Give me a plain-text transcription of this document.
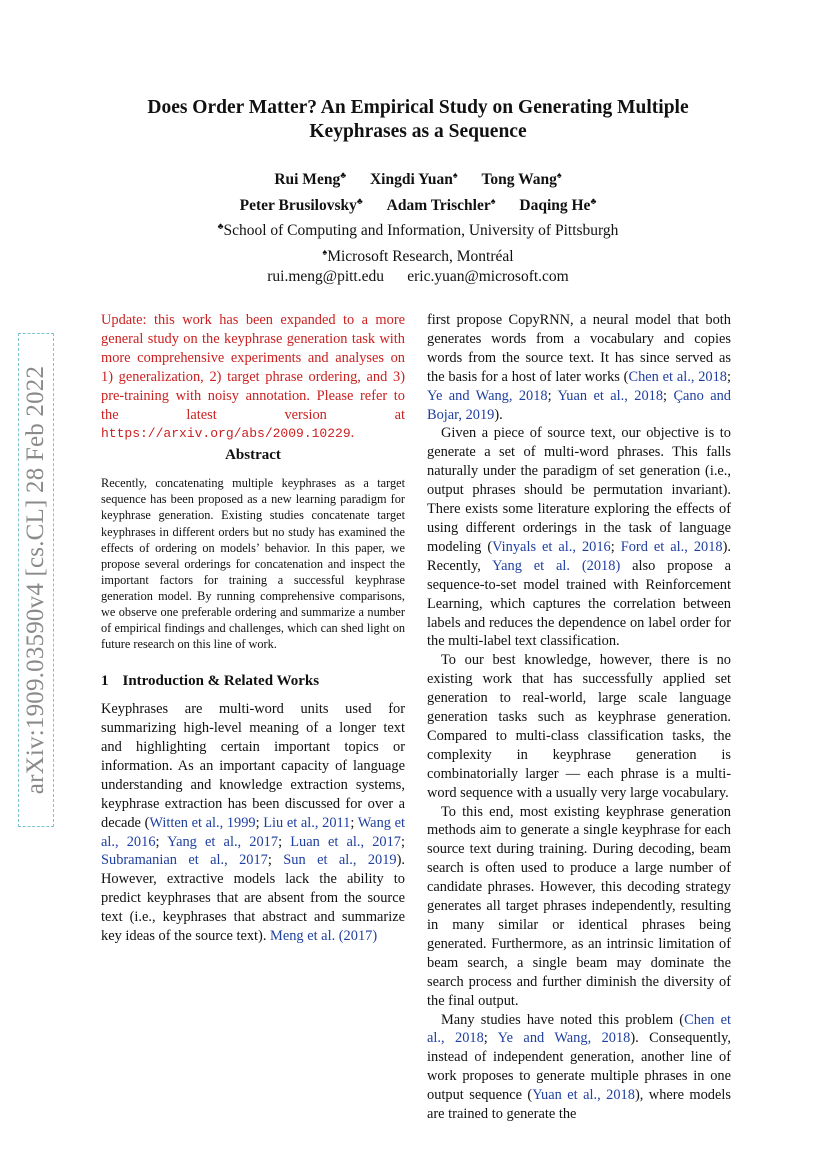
arXiv:1909.03590v4 [cs.CL] 28 Feb 2022
Does Order Matter? An Empirical Study on Generating Multiple
Keyphrases as a Sequence
Rui Meng♣ Xingdi Yuan♠ Tong Wang♠
Peter Brusilovsky♣ Adam Trischler♠ Daqing He♣
♣School of Computing and Information, University of Pittsburgh
♠Microsoft Research, Montréal
rui.meng@pitt.edu eric.yuan@microsoft.com

Update: this work has been expanded to a more general study on the keyphrase generation task with more comprehensive experiments and analyses on 1) generalization, 2) target phrase ordering, and 3) pre-training with noisy annotation. Please refer to the latest version at https://arxiv.org/abs/2009.10229.

Abstract

Recently, concatenating multiple keyphrases as a target sequence has been proposed as a new learning paradigm for keyphrase generation. Existing studies concatenate target keyphrases in different orders but no study has examined the effects of ordering on models’ behavior. In this paper, we propose several orderings for concatenation and inspect the important factors for training a successful keyphrase generation model. By running comprehensive comparisons, we observe one preferable ordering and summarize a number of empirical findings and challenges, which can shed light on future research on this line of work.

1 Introduction & Related Works

Keyphrases are multi-word units used for summarizing high-level meaning of a longer text and highlighting certain important topics or information. As an important capacity of language understanding and knowledge extraction systems, keyphrase extraction has been discussed for over a decade (Witten et al., 1999; Liu et al., 2011; Wang et al., 2016; Yang et al., 2017; Luan et al., 2017; Subramanian et al., 2017; Sun et al., 2019). However, extractive models lack the ability to predict keyphrases that are absent from the source text (i.e., keyphrases that abstract and summarize key ideas of the source text). Meng et al. (2017)

first propose CopyRNN, a neural model that both generates words from a vocabulary and copies words from the source text. It has since served as the basis for a host of later works (Chen et al., 2018; Ye and Wang, 2018; Yuan et al., 2018; Çano and Bojar, 2019).

Given a piece of source text, our objective is to generate a set of multi-word phrases. This falls naturally under the paradigm of set generation (i.e., output phrases should be permutation invariant). There exists some literature exploring the effects of using different orderings in the task of language modeling (Vinyals et al., 2016; Ford et al., 2018). Recently, Yang et al. (2018) also propose a sequence-to-set model trained with Reinforcement Learning, which captures the correlation between labels and reduces the dependence on label order for the multi-label text classification.

To our best knowledge, however, there is no existing work that has successfully applied set generation to real-world, large scale language generation tasks such as keyphrase generation. Compared to multi-class classification tasks, the complexity in keyphrase generation is combinatorially larger — each phrase is a multi-word sequence with a usually very large vocabulary.

To this end, most existing keyphrase generation methods aim to generate a single keyphrase for each source text during training. During decoding, beam search is often used to produce a large number of candidate phrases. However, this decoding strategy generates all target phrases independently, resulting in many similar or identical phrases being generated. Furthermore, as an intrinsic limitation of beam search, a single beam may dominate the search process and further diminish the diversity of the final output.

Many studies have noted this problem (Chen et al., 2018; Ye and Wang, 2018). Consequently, instead of independent generation, another line of work proposes to generate multiple phrases in one output sequence (Yuan et al., 2018), where models are trained to generate the
